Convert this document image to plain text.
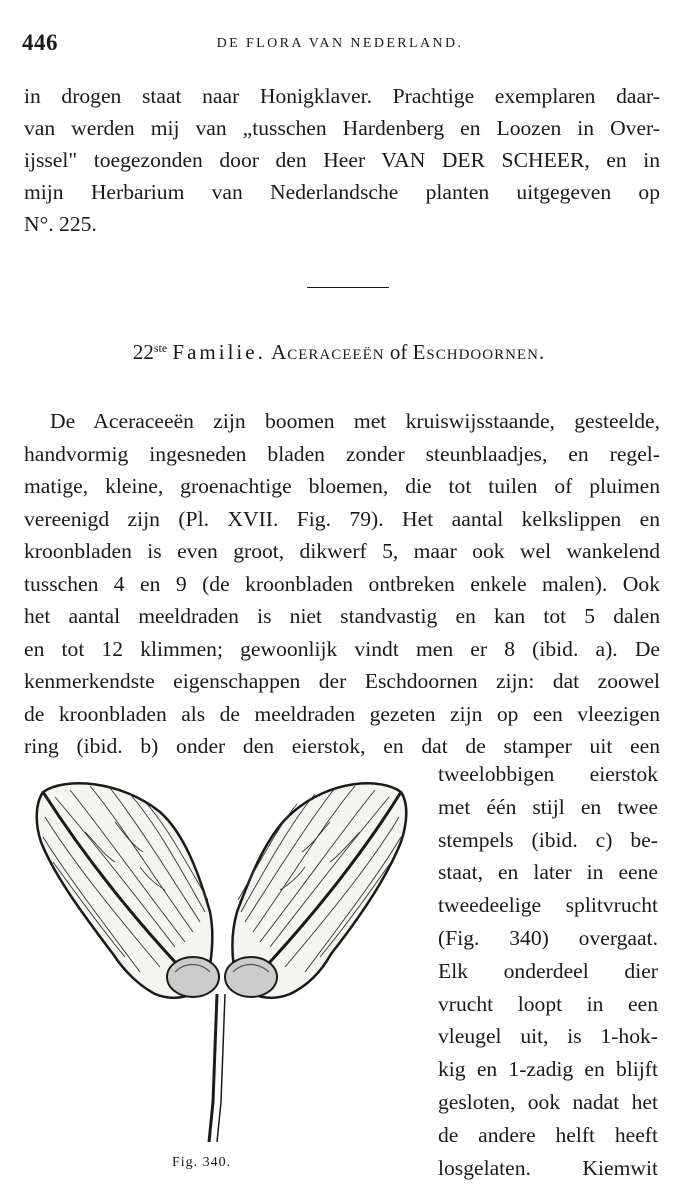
446	DE FLORA VAN NEDERLAND.
in drogen staat naar Honigklaver. Prachtige exemplaren daar-
van werden mij van „tusschen Hardenberg en Loozen in Over-
ijssel" toegezonden door den Heer VAN DER SCHEER, en in
mijn Herbarium van Nederlandsche planten uitgegeven op
N°. 225.
22ste Familie. Aceraceeën of Eschdoornen.
De Aceraceeën zijn boomen met kruiswijsstaande, gesteelde,
handvormig ingesneden bladen zonder steunblaadjes, en regel-
matige, kleine, groenachtige bloemen, die tot tuilen of pluimen
vereenigd zijn (Pl. XVII. Fig. 79). Het aantal kelkslippen en
kroonbladen is even groot, dikwerf 5, maar ook wel wankelend
tusschen 4 en 9 (de kroonbladen ontbreken enkele malen). Ook
het aantal meeldraden is niet standvastig en kan tot 5 dalen
en tot 12 klimmen; gewoonlijk vindt men er 8 (ibid. a). De
kenmerkendste eigenschappen der Eschdoornen zijn: dat zoowel
de kroonbladen als de meeldraden gezeten zijn op een vleezigen
ring (ibid. b) onder den eierstok, en dat de stamper uit een
Fig. 340.
tweelobbigen eierstok
met één stijl en twee
stempels (ibid. c) be-
staat, en later in eene
tweedeelige splitvrucht
(Fig. 340) overgaat.
Elk onderdeel dier
vrucht loopt in een
vleugel uit, is 1-hok-
kig en 1-zadig en blijft
gesloten, ook nadat het
de andere helft heeft
losgelaten. Kiemwit
